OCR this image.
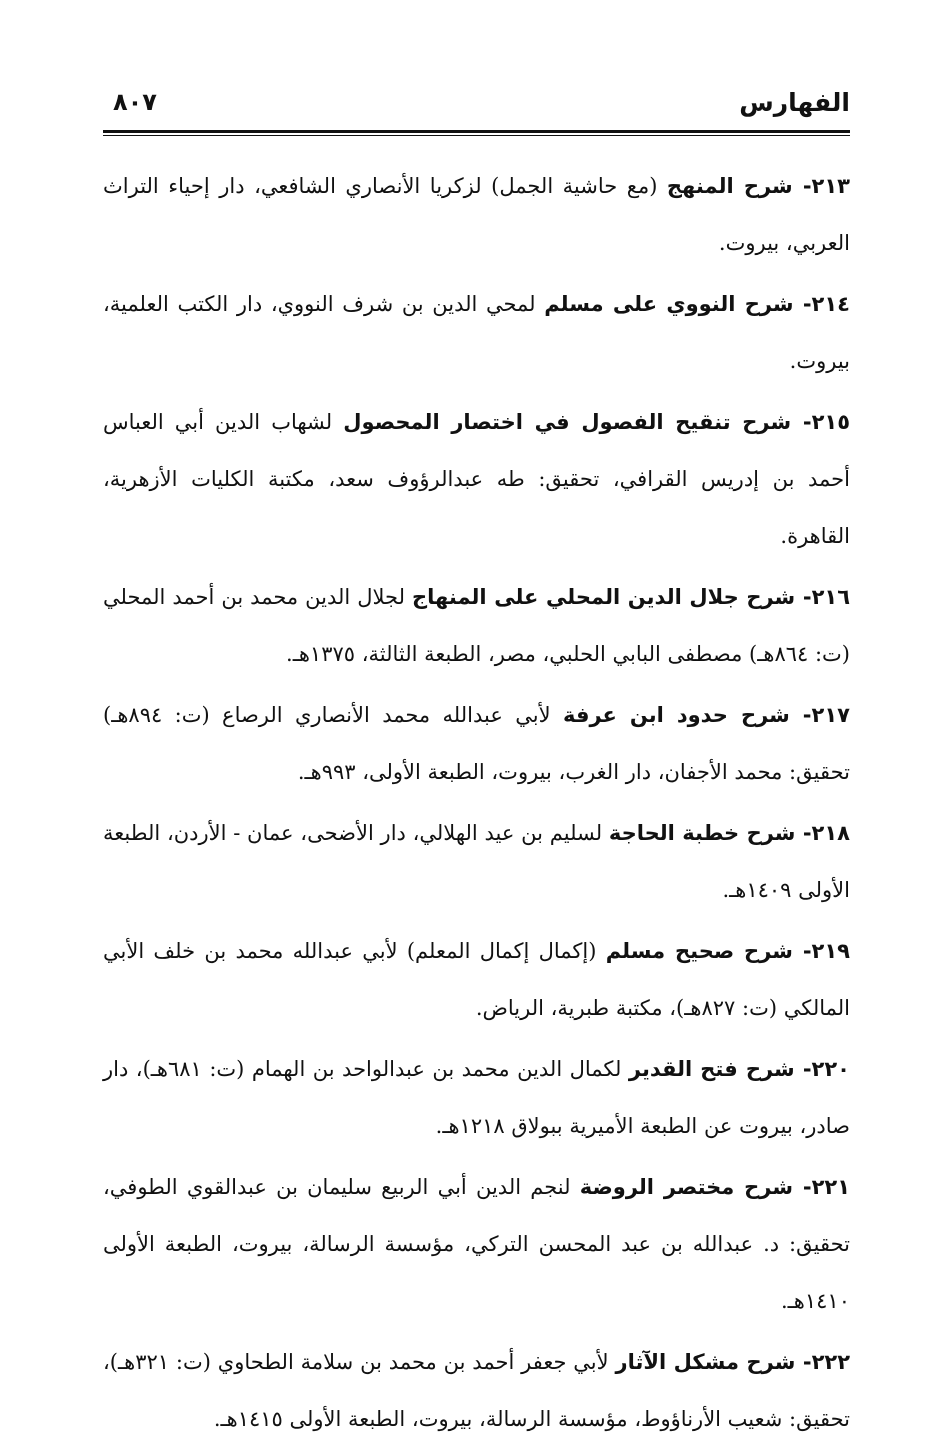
٨٠٧	الفهارس

٢١٣- شرح المنهج (مع حاشية الجمل) لزكريا الأنصاري الشافعي، دار إحياء التراث العربي، بيروت.

٢١٤- شرح النووي على مسلم لمحي الدين بن شرف النووي، دار الكتب العلمية، بيروت.

٢١٥- شرح تنقيح الفصول في اختصار المحصول لشهاب الدين أبي العباس أحمد بن إدريس القرافي، تحقيق: طه عبدالرؤوف سعد، مكتبة الكليات الأزهرية، القاهرة.

٢١٦- شرح جلال الدين المحلي على المنهاج لجلال الدين محمد بن أحمد المحلي (ت: ٨٦٤هـ) مصطفى البابي الحلبي، مصر، الطبعة الثالثة، ١٣٧٥هـ.

٢١٧- شرح حدود ابن عرفة لأبي عبدالله محمد الأنصاري الرصاع (ت: ٨٩٤هـ) تحقيق: محمد الأجفان، دار الغرب، بيروت، الطبعة الأولى، ٩٩٣هـ.

٢١٨- شرح خطبة الحاجة لسليم بن عيد الهلالي، دار الأضحى، عمان - الأردن، الطبعة الأولى ١٤٠٩هـ.

٢١٩- شرح صحيح مسلم (إكمال إكمال المعلم) لأبي عبدالله محمد بن خلف الأبي المالكي (ت: ٨٢٧هـ)، مكتبة طبرية، الرياض.

٢٢٠- شرح فتح القدير لكمال الدين محمد بن عبدالواحد بن الهمام (ت: ٦٨١هـ)، دار صادر، بيروت عن الطبعة الأميرية ببولاق ١٢١٨هـ.

٢٢١- شرح مختصر الروضة لنجم الدين أبي الربيع سليمان بن عبدالقوي الطوفي، تحقيق: د. عبدالله بن عبد المحسن التركي، مؤسسة الرسالة، بيروت، الطبعة الأولى ١٤١٠هـ.

٢٢٢- شرح مشكل الآثار لأبي جعفر أحمد بن محمد بن سلامة الطحاوي (ت: ٣٢١هـ)، تحقيق: شعيب الأرناؤوط، مؤسسة الرسالة، بيروت، الطبعة الأولى ١٤١٥هـ.
